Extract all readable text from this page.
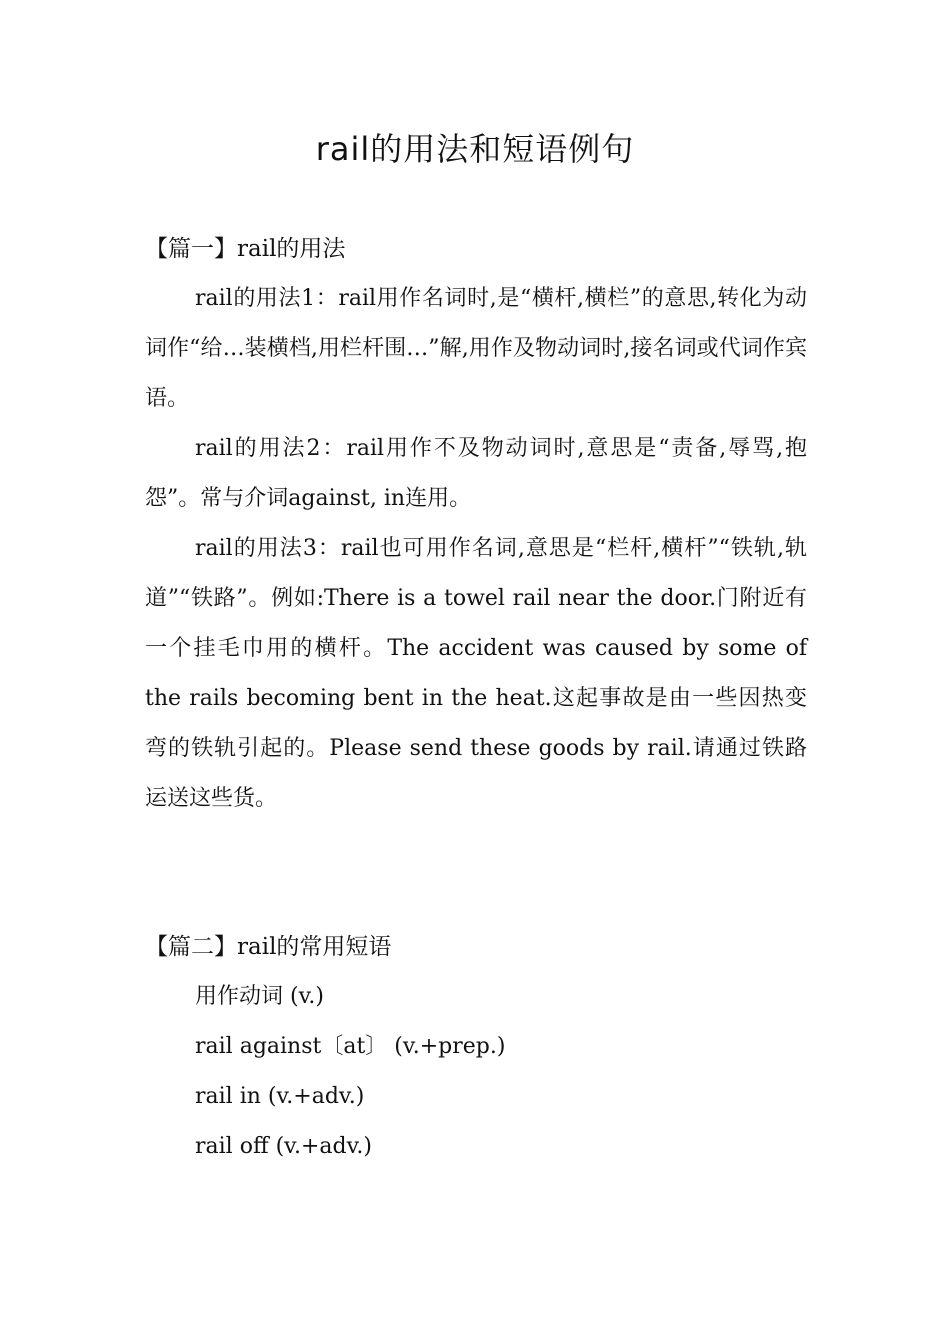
rail的用法和短语例句
【篇一】rail的用法

rail的用法1：rail用作名词时,是“横杆,横栏”的意思,转化为动词作“给…装横档,用栏杆围…”解,用作及物动词时,接名词或代词作宾语。

rail的用法2：rail用作不及物动词时,意思是“责备,辱骂,抱怨”。常与介词against, in连用。

rail的用法3：rail也可用作名词,意思是“栏杆,横杆”“铁轨,轨道”“铁路”。例如:There is a towel rail near the door.门附近有一个挂毛巾用的横杆。The accident was caused by some of the rails becoming bent in the heat.这起事故是由一些因热变弯的铁轨引起的。Please send these goods by rail.请通过铁路运送这些货。

【篇二】rail的常用短语
用作动词 (v.)
rail against〔at〕 (v.+prep.)
rail in (v.+adv.)
rail off (v.+adv.)
